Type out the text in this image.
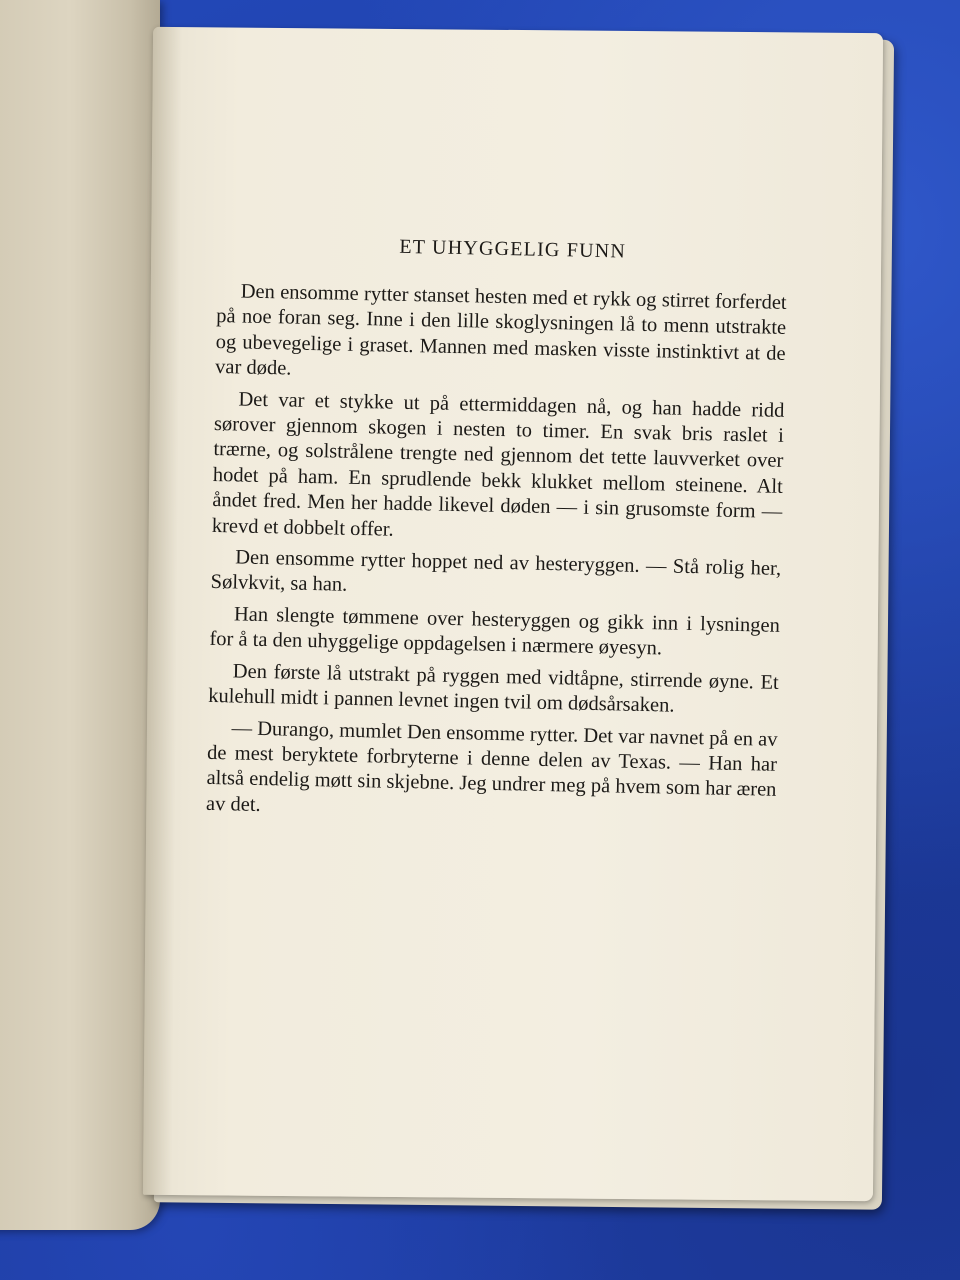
ET UHYGGELIG FUNN

Den ensomme rytter stanset hesten med et rykk og stirret forferdet på noe foran seg. Inne i den lille skoglysningen lå to menn utstrakte og ubevegelige i graset. Mannen med masken visste instinktivt at de var døde.

Det var et stykke ut på ettermiddagen nå, og han hadde ridd sørover gjennom skogen i nesten to timer. En svak bris raslet i trærne, og solstrålene trengte ned gjennom det tette lauvverket over hodet på ham. En sprudlende bekk klukket mellom steinene. Alt åndet fred. Men her hadde likevel døden — i sin grusomste form — krevd et dobbelt offer.

Den ensomme rytter hoppet ned av hesteryggen. — Stå rolig her, Sølvkvit, sa han.

Han slengte tømmene over hesteryggen og gikk inn i lysningen for å ta den uhyggelige oppdagelsen i nærmere øyesyn.

Den første lå utstrakt på ryggen med vidtåpne, stirrende øyne. Et kulehull midt i pannen levnet ingen tvil om dødsårsaken.

— Durango, mumlet Den ensomme rytter. Det var navnet på en av de mest beryktete forbryterne i denne delen av Texas. — Han har altså endelig møtt sin skjebne. Jeg undrer meg på hvem som har æren av det.
